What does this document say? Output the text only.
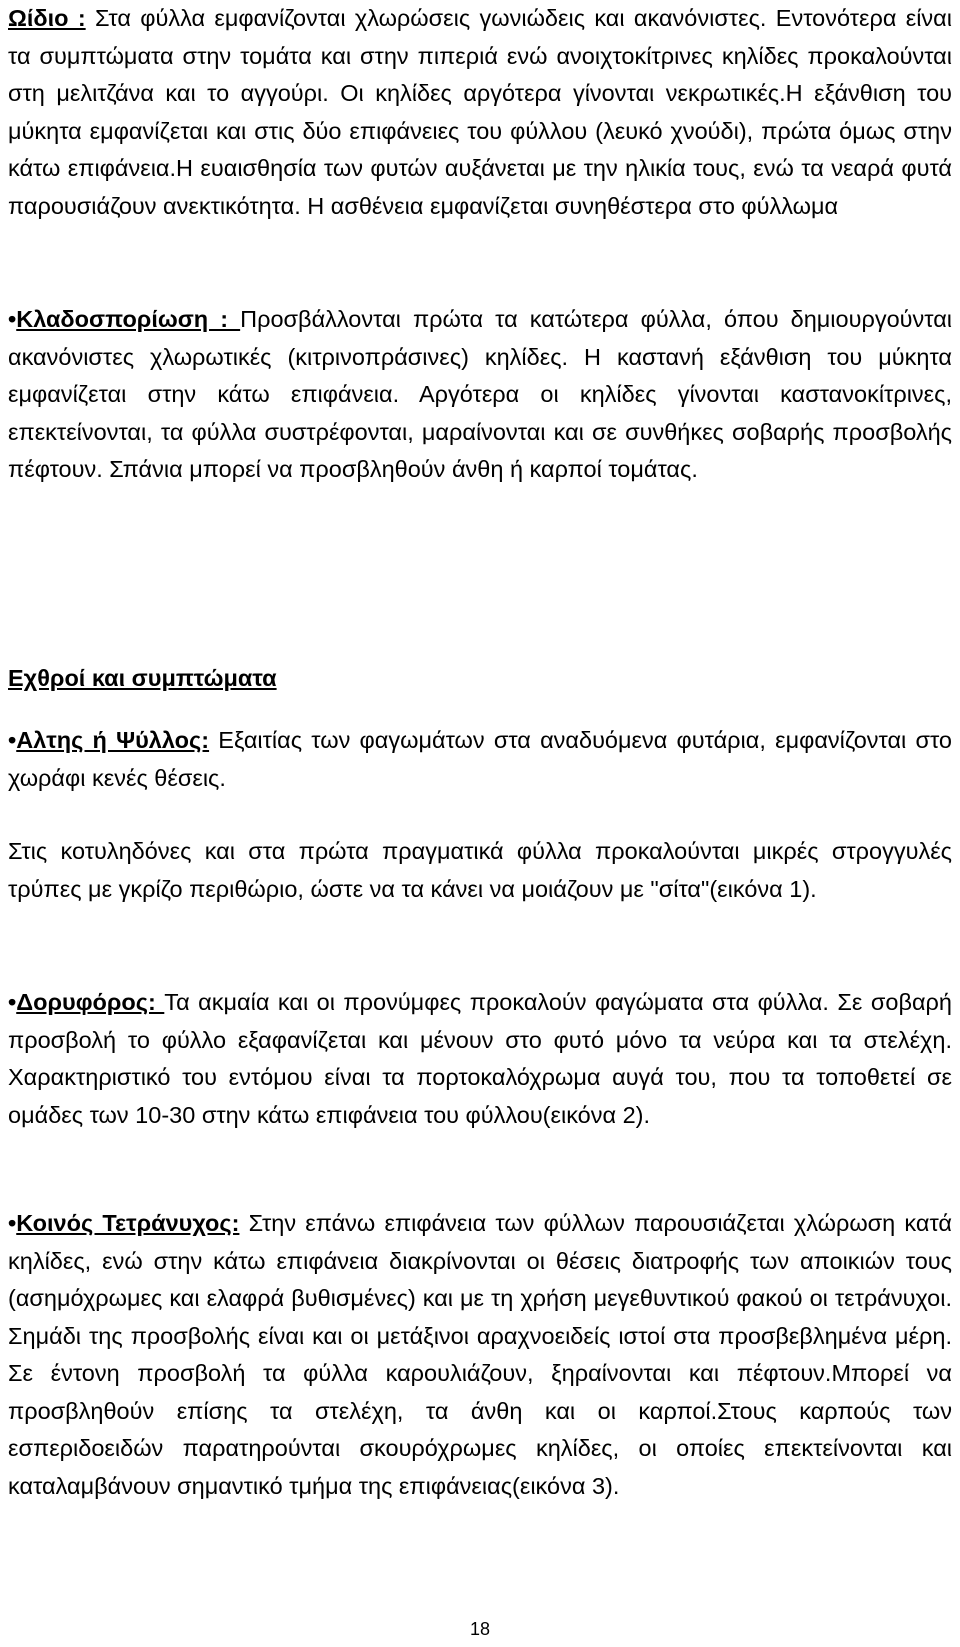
Ωίδιο : Στα φύλλα εμφανίζονται χλωρώσεις γωνιώδεις και ακανόνιστες. Εντονότερα είναι τα συμπτώματα στην τομάτα και στην πιπεριά ενώ ανοιχτοκίτρινες κηλίδες προκαλούνται στη μελιτζάνα και το αγγούρι. Οι κηλίδες αργότερα γίνονται νεκρωτικές.Η εξάνθιση του μύκητα εμφανίζεται και στις δύο επιφάνειες του φύλλου (λευκό χνούδι), πρώτα όμως στην κάτω επιφάνεια.Η ευαισθησία των φυτών αυξάνεται με την ηλικία τους, ενώ τα νεαρά φυτά παρουσιάζουν ανεκτικότητα. Η ασθένεια εμφανίζεται συνηθέστερα στο φύλλωμα

•Κλαδοσπορίωση : Προσβάλλονται πρώτα τα κατώτερα φύλλα, όπου δημιουργούνται ακανόνιστες χλωρωτικές (κιτρινοπράσινες) κηλίδες. Η καστανή εξάνθιση του μύκητα εμφανίζεται στην κάτω επιφάνεια. Αργότερα οι κηλίδες γίνονται καστανοκίτρινες, επεκτείνονται, τα φύλλα συστρέφονται, μαραίνονται και σε συνθήκες σοβαρής προσβολής πέφτουν. Σπάνια μπορεί να προσβληθούν άνθη ή καρποί τομάτας.

Εχθροί και συμπτώματα

•Αλτης ή Ψύλλος: Εξαιτίας των φαγωμάτων στα αναδυόμενα φυτάρια, εμφανίζονται στο χωράφι κενές θέσεις.

Στις κοτυληδόνες και στα πρώτα πραγματικά φύλλα προκαλούνται μικρές στρογγυλές τρύπες με γκρίζο περιθώριο, ώστε να τα κάνει να μοιάζουν με "σίτα"(εικόνα 1).

•Δορυφόρος: Τα ακμαία και οι προνύμφες προκαλούν φαγώματα στα φύλλα. Σε σοβαρή προσβολή το φύλλο εξαφανίζεται και μένουν στο φυτό μόνο τα νεύρα και τα στελέχη. Χαρακτηριστικό του εντόμου είναι τα πορτοκαλόχρωμα αυγά του, που τα τοποθετεί σε ομάδες των 10-30 στην κάτω επιφάνεια του φύλλου(εικόνα 2).

•Κοινός Τετράνυχος: Στην επάνω επιφάνεια των φύλλων παρουσιάζεται χλώρωση κατά κηλίδες, ενώ στην κάτω επιφάνεια διακρίνονται οι θέσεις διατροφής των αποικιών τους (ασημόχρωμες και ελαφρά βυθισμένες) και με τη χρήση μεγεθυντικού φακού οι τετράνυχοι. Σημάδι της προσβολής είναι και οι μετάξινοι αραχνοειδείς ιστοί στα προσβεβλημένα μέρη. Σε έντονη προσβολή τα φύλλα καρουλιάζουν, ξηραίνονται και πέφτουν.Μπορεί να προσβληθούν επίσης τα στελέχη, τα άνθη και οι καρποί.Στους καρπούς των εσπεριδοειδών παρατηρούνται σκουρόχρωμες κηλίδες, οι οποίες επεκτείνονται και καταλαμβάνουν σημαντικό τμήμα της επιφάνειας(εικόνα 3).

18
